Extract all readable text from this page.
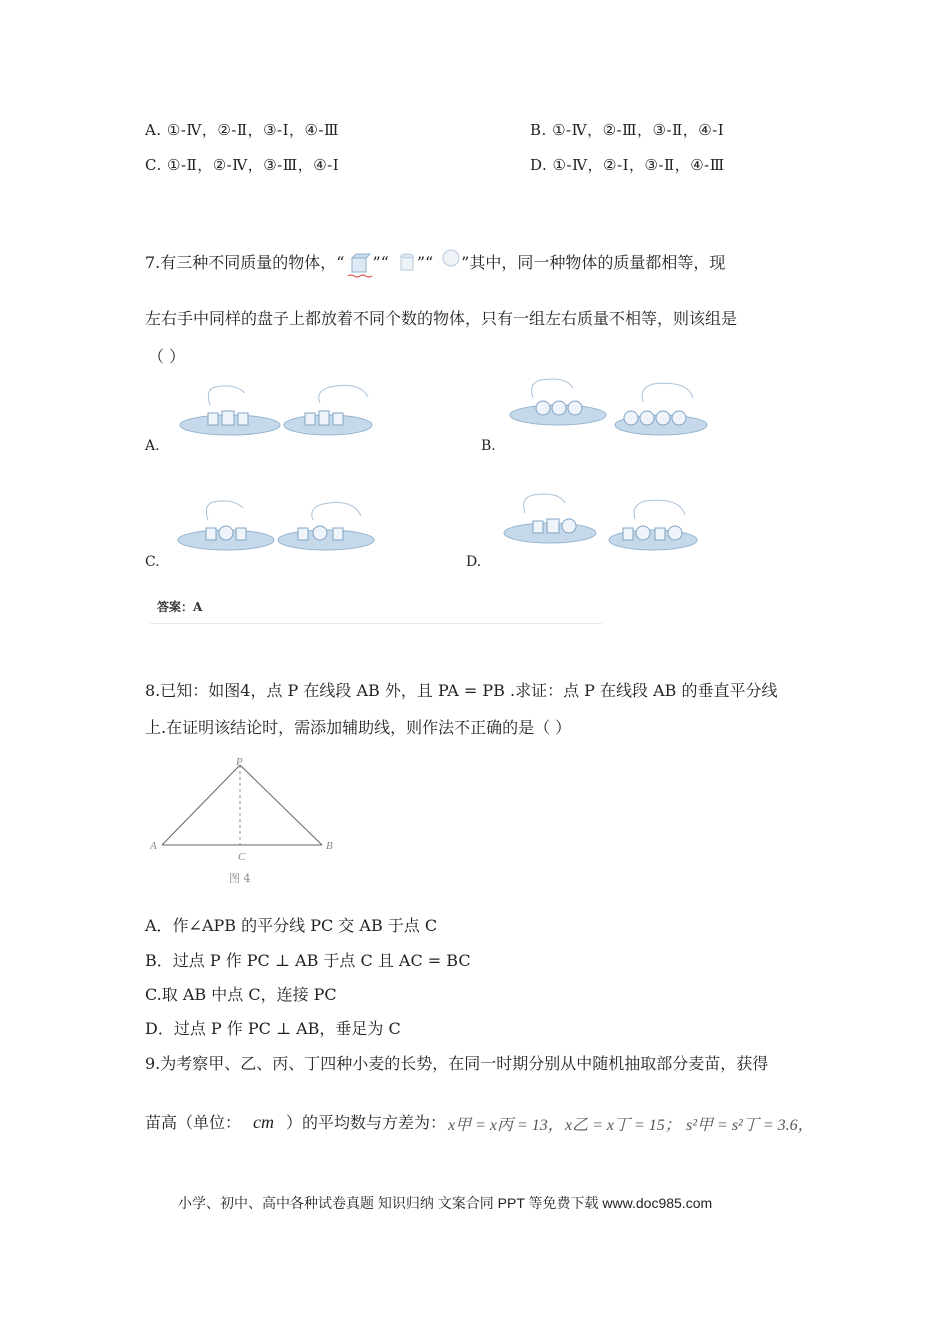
A. ①-Ⅳ，②-Ⅱ，③-Ⅰ，④-Ⅲ	B. ①-Ⅳ，②-Ⅲ，③-Ⅱ，④-Ⅰ
C. ①-Ⅱ，②-Ⅳ，③-Ⅲ，④-Ⅰ	D. ①-Ⅳ，②-Ⅰ，③-Ⅱ，④-Ⅲ
7.有三种不同质量的物体，“ ”“ ”“ ”其中，同一种物体的质量都相等，现
左右手中同样的盘子上都放着不同个数的物体，只有一组左右质量不相等，则该组是
（ ）
A.	B.
C.	D.
答案：A
8.已知：如图4，点 P 在线段 AB 外，且 PA = PB .求证：点 P 在线段 AB 的垂直平分线
上.在证明该结论时，需添加辅助线，则作法不正确的是（ ）
P
A
C
B
图 4
A．作∠APB 的平分线 PC 交 AB 于点 C
B．过点 P 作 PC ⊥ AB 于点 C 且 AC = BC
C.取 AB 中点 C，连接 PC
D．过点 P 作 PC ⊥ AB，垂足为 C
9.为考察甲、乙、丙、丁四种小麦的长势，在同一时期分别从中随机抽取部分麦苗，获得
苗高（单位： cm ）的平均数与方差为： x甲 = x丙 = 13， x乙 = x丁 = 15； s²甲 = s²丁 = 3.6，
小学、初中、高中各种试卷真题 知识归纳 文案合同 PPT 等免费下载 www.doc985.com
